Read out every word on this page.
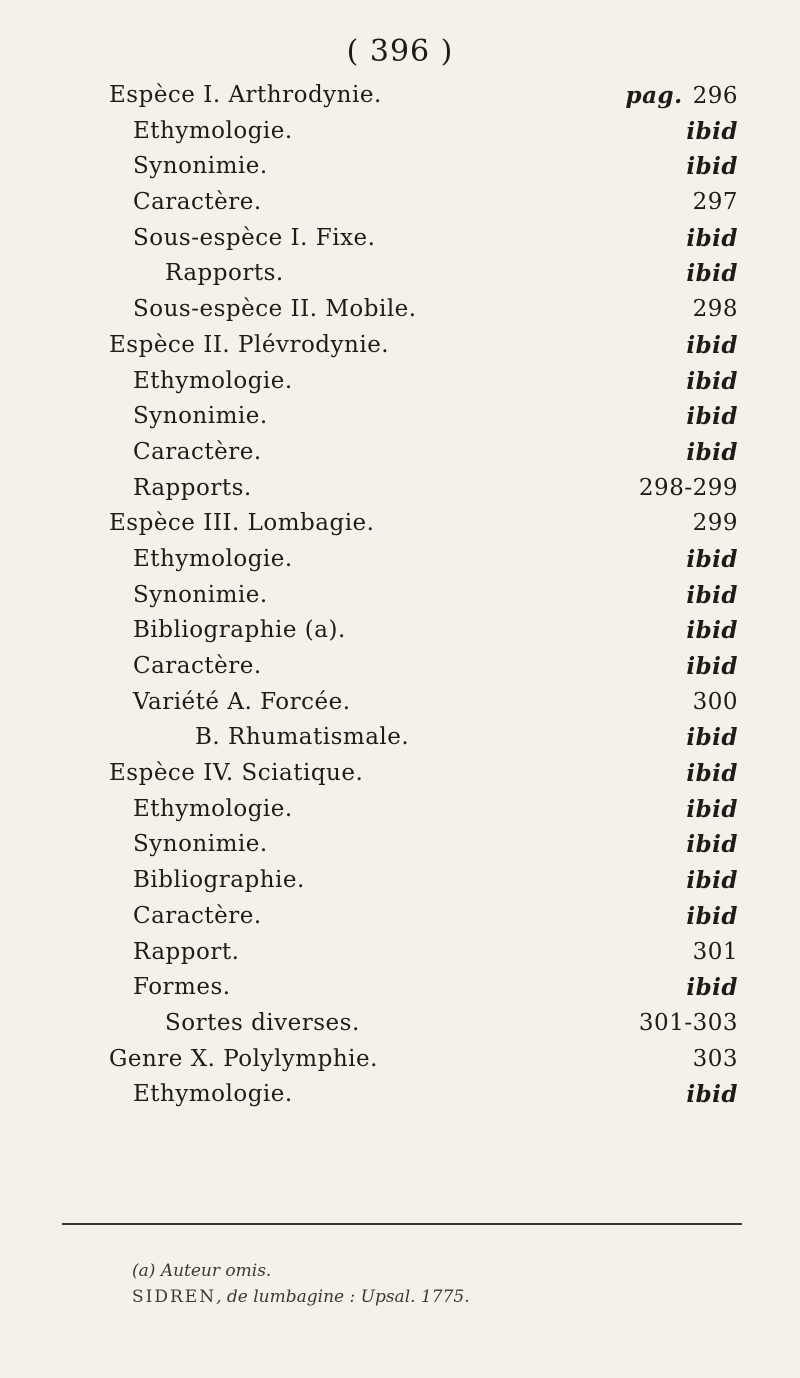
( 396 )
Espèce I. Arthrodynie.	pag. 296
Ethymologie.	ibid
Synonimie.	ibid
Caractère.	297
Sous-espèce I. Fixe.	ibid
Rapports.	ibid
Sous-espèce II. Mobile.	298
Espèce II. Plévrodynie.	ibid
Ethymologie.	ibid
Synonimie.	ibid
Caractère.	ibid
Rapports.	298-299
Espèce III. Lombagie.	299
Ethymologie.	ibid
Synonimie.	ibid
Bibliographie (a).	ibid
Caractère.	ibid
Variété A. Forcée.	300
B. Rhumatismale.	ibid
Espèce IV. Sciatique.	ibid
Ethymologie.	ibid
Synonimie.	ibid
Bibliographie.	ibid
Caractère.	ibid
Rapport.	301
Formes.	ibid
Sortes diverses.	301-303
Genre X. Polylymphie.	303
Ethymologie.	ibid
(a) Auteur omis.
SIDREN, de lumbagine : Upsal. 1775.
